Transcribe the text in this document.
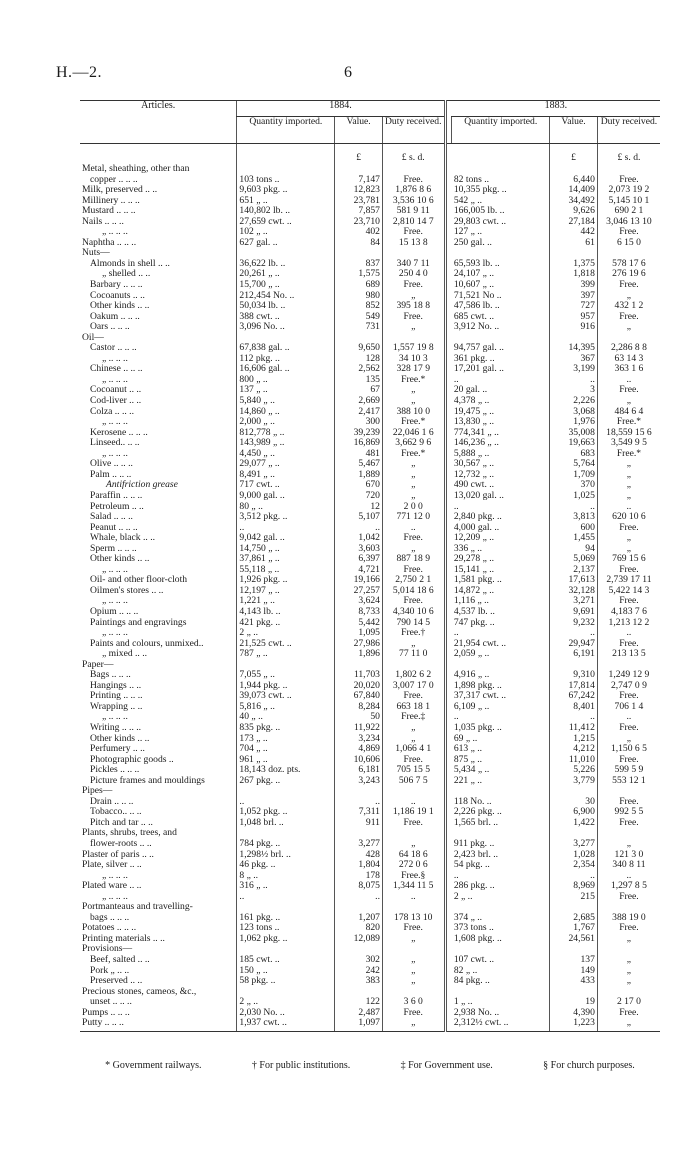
H.—2.	6
Articles.	1884.				1883.		
	Quantity imported.	Value.	Duty received.		Quantity imported.	Value.	Duty received.
		£	£ s. d.			£	£ s. d.
Metal, sheathing, other than							
copper .. .. ..	103 tons ..	7,147	Free.		82 tons ..	6,440	Free.
Milk, preserved .. ..	9,603 pkg. ..	12,823	1,876 8 6		10,355 pkg. ..	14,409	2,073 19 2
Millinery .. .. ..	651 „ ..	23,781	3,536 10 6		542 „ ..	34,492	5,145 10 1
Mustard .. .. ..	140,802 lb. ..	7,857	581 9 11		166,005 lb. ..	9,626	690 2 1
Nails .. .. ..	27,659 cwt. ..	23,710	2,810 14 7		29,803 cwt. ..	27,184	3,046 13 10
„ .. .. ..	102 „ ..	402	Free.		127 „ ..	442	Free.
Naphtha .. .. ..	627 gal. ..	84	15 13 8		250 gal. ..	61	6 15 0
Nuts—							
Almonds in shell .. ..	36,622 lb. ..	837	340 7 11		65,593 lb. ..	1,375	578 17 6
„ shelled .. ..	20,261 „ ..	1,575	250 4 0		24,107 „ ..	1,818	276 19 6
Barbary .. .. ..	15,700 „ ..	689	Free.		10,607 „ ..	399	Free.
Cocoanuts .. ..	212,454 No. ..	980	„		71,521 No ..	397	„
Other kinds .. ..	50,034 lb. ..	852	395 18 8		47,586 lb. ..	727	432 1 2
Oakum .. .. ..	388 cwt. ..	549	Free.		685 cwt. ..	957	Free.
Oars .. .. ..	3,096 No. ..	731	„		3,912 No. ..	916	„
Oil—							
Castor .. .. ..	67,838 gal. ..	9,650	1,557 19 8		94,757 gal. ..	14,395	2,286 8 8
„ .. .. ..	112 pkg. ..	128	34 10 3		361 pkg. ..	367	63 14 3
Chinese .. .. ..	16,606 gal. ..	2,562	328 17 9		17,201 gal. ..	3,199	363 1 6
„ .. .. ..	800 „ ..	135	Free.*		..	..	..
Cocoanut .. ..	137 „ ..	67	„		20 gal. ..	3	Free.
Cod-liver .. ..	5,840 „ ..	2,669	„		4,378 „ ..	2,226	„
Colza .. .. ..	14,860 „ ..	2,417	388 10 0		19,475 „ ..	3,068	484 6 4
„ .. .. ..	2,000 „ ..	300	Free.*		13,830 „ ..	1,976	Free.*
Kerosene .. .. ..	812,778 „ ..	39,239	22,046 1 6		774,341 „ ..	35,008	18,559 15 6
Linseed.. .. ..	143,989 „ ..	16,869	3,662 9 6		146,236 „ ..	19,663	3,549 9 5
„ .. .. ..	4,450 „ ..	481	Free.*		5,888 „ ..	683	Free.*
Olive .. .. ..	29,077 „ ..	5,467	„		30,567 „ ..	5,764	„
Palm .. .. ..	8,491 „ ..	1,889	„		12,732 „ ..	1,709	„
Antifriction grease	717 cwt. ..	670	„		490 cwt. ..	370	„
Paraffin .. .. ..	9,000 gal. ..	720	„		13,020 gal. ..	1,025	„
Petroleum .. ..	80 „ ..	12	2 0 0		..	..	..
Salad .. .. ..	3,512 pkg. ..	5,107	771 12 0		2,840 pkg. ..	3,813	620 10 6
Peanut .. .. ..	..	..	..		4,000 gal. ..	600	Free.
Whale, black .. ..	9,042 gal. ..	1,042	Free.		12,209 „ ..	1,455	„
Sperm .. .. ..	14,750 „ ..	3,603	„		336 „ ..	94	„
Other kinds .. ..	37,861 „ ..	6,397	887 18 9		29,278 „ ..	5,069	769 15 6
„ .. .. ..	55,118 „ ..	4,721	Free.		15,141 „ ..	2,137	Free.
Oil- and other floor-cloth	1,926 pkg. ..	19,166	2,750 2 1		1,581 pkg. ..	17,613	2,739 17 11
Oilmen's stores .. ..	12,197 „ ..	27,257	5,014 18 6		14,872 „ ..	32,128	5,422 14 3
„ .. .. ..	1,221 „ ..	3,624	Free.		1,116 „ ..	3,271	Free.
Opium .. .. ..	4,143 lb. ..	8,733	4,340 10 6		4,537 lb. ..	9,691	4,183 7 6
Paintings and engravings	421 pkg. ..	5,442	790 14 5		747 pkg. ..	9,232	1,213 12 2
„ .. .. ..	2 „ ..	1,095	Free.†		..	..	..
Paints and colours, unmixed..	21,525 cwt. ..	27,986	„		21,954 cwt. ..	29,947	Free.
„ mixed .. ..	787 „ ..	1,896	77 11 0		2,059 „ ..	6,191	213 13 5
Paper—							
Bags .. .. ..	7,055 „ ..	11,703	1,802 6 2		4,916 „ ..	9,310	1,249 12 9
Hangings .. ..	1,944 pkg. ..	20,020	3,007 17 0		1,898 pkg. ..	17,814	2,747 0 9
Printing .. .. ..	39,073 cwt. ..	67,840	Free.		37,317 cwt. ..	67,242	Free.
Wrapping .. ..	5,816 „ ..	8,284	663 18 1		6,109 „ ..	8,401	706 1 4
„ .. .. ..	40 „ ..	50	Free.‡		..	..	..
Writing .. .. ..	835 pkg. ..	11,922	„		1,035 pkg. ..	11,412	Free.
Other kinds .. ..	173 „ ..	3,234	„		69 „ ..	1,215	„
Perfumery .. ..	704 „ ..	4,869	1,066 4 1		613 „ ..	4,212	1,150 6 5
Photographic goods ..	961 „ ..	10,606	Free.		875 „ ..	11,010	Free.
Pickles .. .. ..	18,143 doz. pts.	6,181	705 15 5		5,434 „ ..	5,226	599 5 9
Picture frames and mouldings	267 pkg. ..	3,243	506 7 5		221 „ ..	3,779	553 12 1
Pipes—							
Drain .. .. ..	..	..	..		118 No. ..	30	Free.
Tobacco.. .. ..	1,052 pkg. ..	7,311	1,186 19 1		2,226 pkg. ..	6,900	992 5 5
Pitch and tar .. ..	1,048 brl. ..	911	Free.		1,565 brl. ..	1,422	Free.
Plants, shrubs, trees, and							
flower-roots .. ..	784 pkg. ..	3,277	„		911 pkg. ..	3,277	„
Plaster of paris .. ..	1,298½ brl. ..	428	64 18 6		2,423 brl. ..	1,028	121 3 0
Plate, silver .. ..	46 pkg. ..	1,804	272 0 6		54 pkg. ..	2,354	340 8 11
„ .. .. ..	8 „ ..	178	Free.§		..	..	..
Plated ware .. ..	316 „ ..	8,075	1,344 11 5		286 pkg. ..	8,969	1,297 8 5
„ .. .. ..	..	..	..		2 „ ..	215	Free.
Portmanteaus and travelling-							
bags .. .. ..	161 pkg. ..	1,207	178 13 10		374 „ ..	2,685	388 19 0
Potatoes .. .. ..	123 tons ..	820	Free.		373 tons ..	1,767	Free.
Printing materials .. ..	1,062 pkg. ..	12,089	„		1,608 pkg. ..	24,561	„
Provisions—							
Beef, salted .. ..	185 cwt. ..	302	„		107 cwt. ..	137	„
Pork „ .. ..	150 „ ..	242	„		82 „ ..	149	„
Preserved .. ..	58 pkg. ..	383	„		84 pkg. ..	433	„
Precious stones, cameos, &c.,							
unset .. .. ..	2 „ ..	122	3 6 0		1 „ ..	19	2 17 0
Pumps .. .. ..	2,030 No. ..	2,487	Free.		2,938 No. ..	4,390	Free.
Putty .. .. ..	1,937 cwt. ..	1,097	„		2,312½ cwt. ..	1,223	„
* Government railways.	† For public institutions.	‡ For Government use.	§ For church purposes.
